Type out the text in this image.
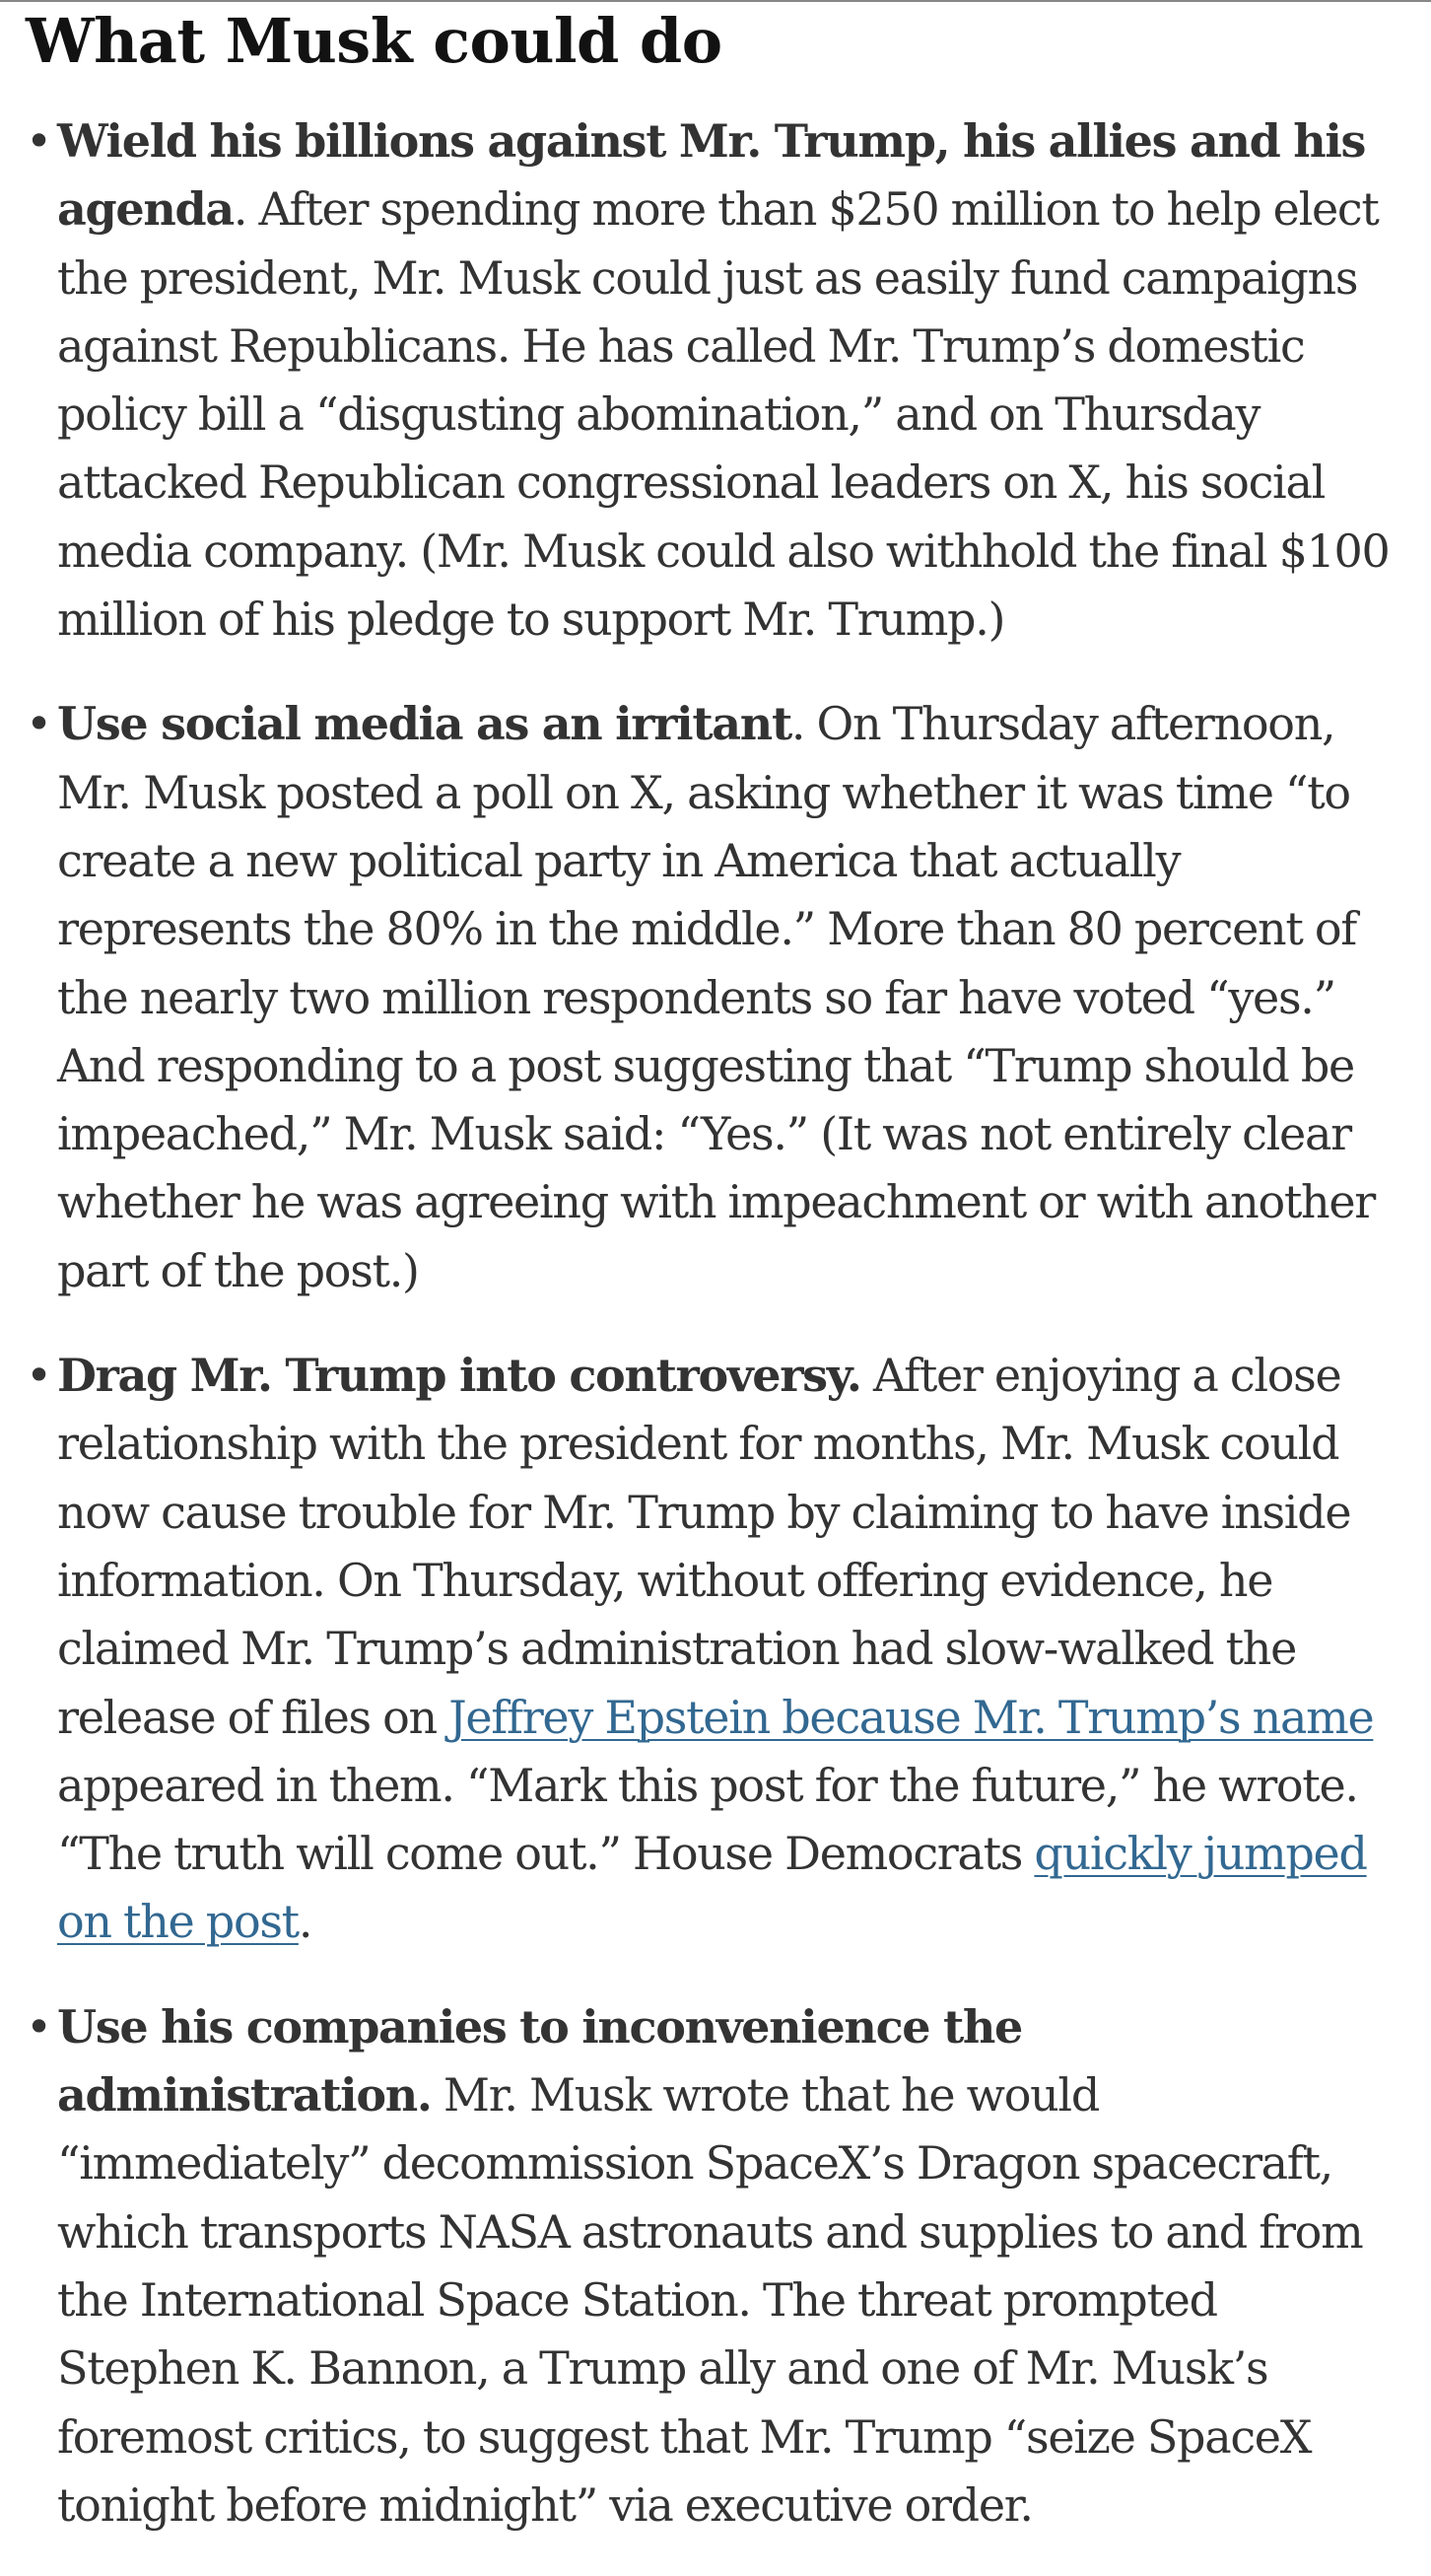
What Musk could do
• Wield his billions against Mr. Trump, his allies and his agenda. After spending more than $250 million to help elect the president, Mr. Musk could just as easily fund campaigns against Republicans. He has called Mr. Trump’s domestic policy bill a “disgusting abomination,” and on Thursday attacked Republican congressional leaders on X, his social media company. (Mr. Musk could also withhold the final $100 million of his pledge to support Mr. Trump.)
• Use social media as an irritant. On Thursday afternoon, Mr. Musk posted a poll on X, asking whether it was time “to create a new political party in America that actually represents the 80% in the middle.” More than 80 percent of the nearly two million respondents so far have voted “yes.” And responding to a post suggesting that “Trump should be impeached,” Mr. Musk said: “Yes.” (It was not entirely clear whether he was agreeing with impeachment or with another part of the post.)
• Drag Mr. Trump into controversy. After enjoying a close relationship with the president for months, Mr. Musk could now cause trouble for Mr. Trump by claiming to have inside information. On Thursday, without offering evidence, he claimed Mr. Trump’s administration had slow-walked the release of files on Jeffrey Epstein because Mr. Trump’s name appeared in them. “Mark this post for the future,” he wrote. “The truth will come out.” House Democrats quickly jumped on the post.
• Use his companies to inconvenience the administration. Mr. Musk wrote that he would “immediately” decommission SpaceX’s Dragon spacecraft, which transports NASA astronauts and supplies to and from the International Space Station. The threat prompted Stephen K. Bannon, a Trump ally and one of Mr. Musk’s foremost critics, to suggest that Mr. Trump “seize SpaceX tonight before midnight” via executive order.
